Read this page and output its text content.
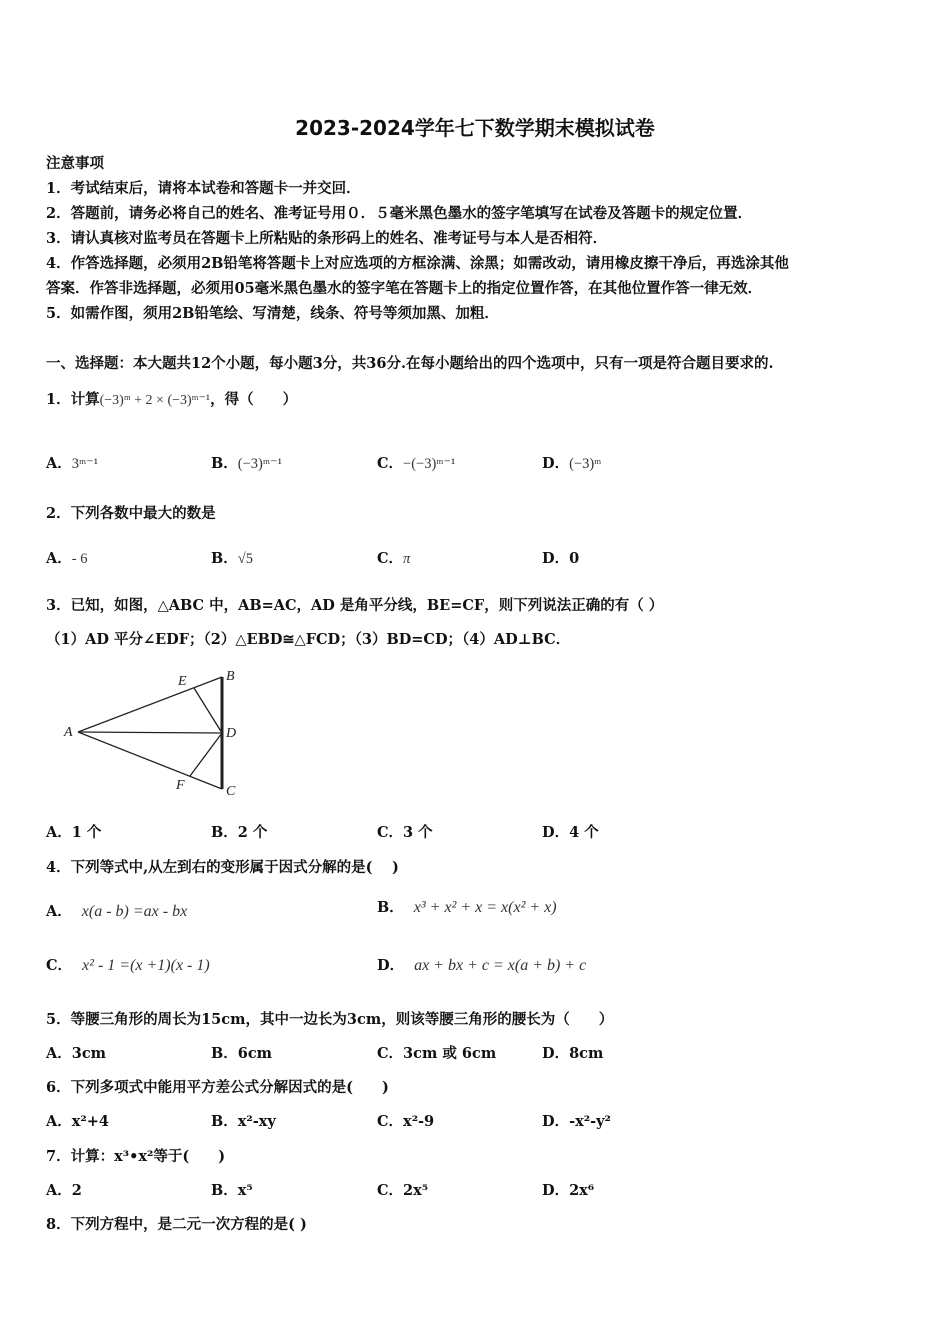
2023-2024学年七下数学期末模拟试卷
注意事项
1．考试结束后，请将本试卷和答题卡一并交回．
2．答题前，请务必将自己的姓名、准考证号用０．５毫米黑色墨水的签字笔填写在试卷及答题卡的规定位置．
3．请认真核对监考员在答题卡上所粘贴的条形码上的姓名、准考证号与本人是否相符．
4．作答选择题，必须用2B铅笔将答题卡上对应选项的方框涂满、涂黑；如需改动，请用橡皮擦干净后，再选涂其他
答案．作答非选择题，必须用05毫米黑色墨水的签字笔在答题卡上的指定位置作答，在其他位置作答一律无效．
5．如需作图，须用2B铅笔绘、写清楚，线条、符号等须加黑、加粗．
一、选择题：本大题共12个小题，每小题3分，共36分.在每小题给出的四个选项中，只有一项是符合题目要求的.
1．计算(−3)ᵐ + 2 × (−3)ᵐ⁻¹，得（　　）
A．3ᵐ⁻¹	B．(−3)ᵐ⁻¹	C．−(−3)ᵐ⁻¹	D．(−3)ᵐ
2．下列各数中最大的数是
A．- 6	B．√5	C．π	D．0
3．已知，如图，△ABC 中，AB=AC，AD 是角平分线，BE=CF，则下列说法正确的有（ ）
（1）AD 平分∠EDF；（2）△EBD≅△FCD；（3）BD=CD；（4）AD⊥BC．
A
B
C
D
E
F
A．1 个	B．2 个	C．3 个	D．4 个
4．下列等式中,从左到右的变形属于因式分解的是(　 )
A． x(a - b) =ax - bx	B． x³ + x² + x = x(x² + x)
C． x² - 1 =(x +1)(x - 1)	D． ax + bx + c = x(a + b) + c
5．等腰三角形的周长为15cm，其中一边长为3cm，则该等腰三角形的腰长为（　　）
A．3cm	B．6cm	C．3cm 或 6cm	D．8cm
6．下列多项式中能用平方差公式分解因式的是(　　)
A．x²+4	B．x²-xy	C．x²-9	D．-x²-y²
7．计算：x³•x²等于(　　)
A．2	B．x⁵	C．2x⁵	D．2x⁶
8．下列方程中，是二元一次方程的是( )
